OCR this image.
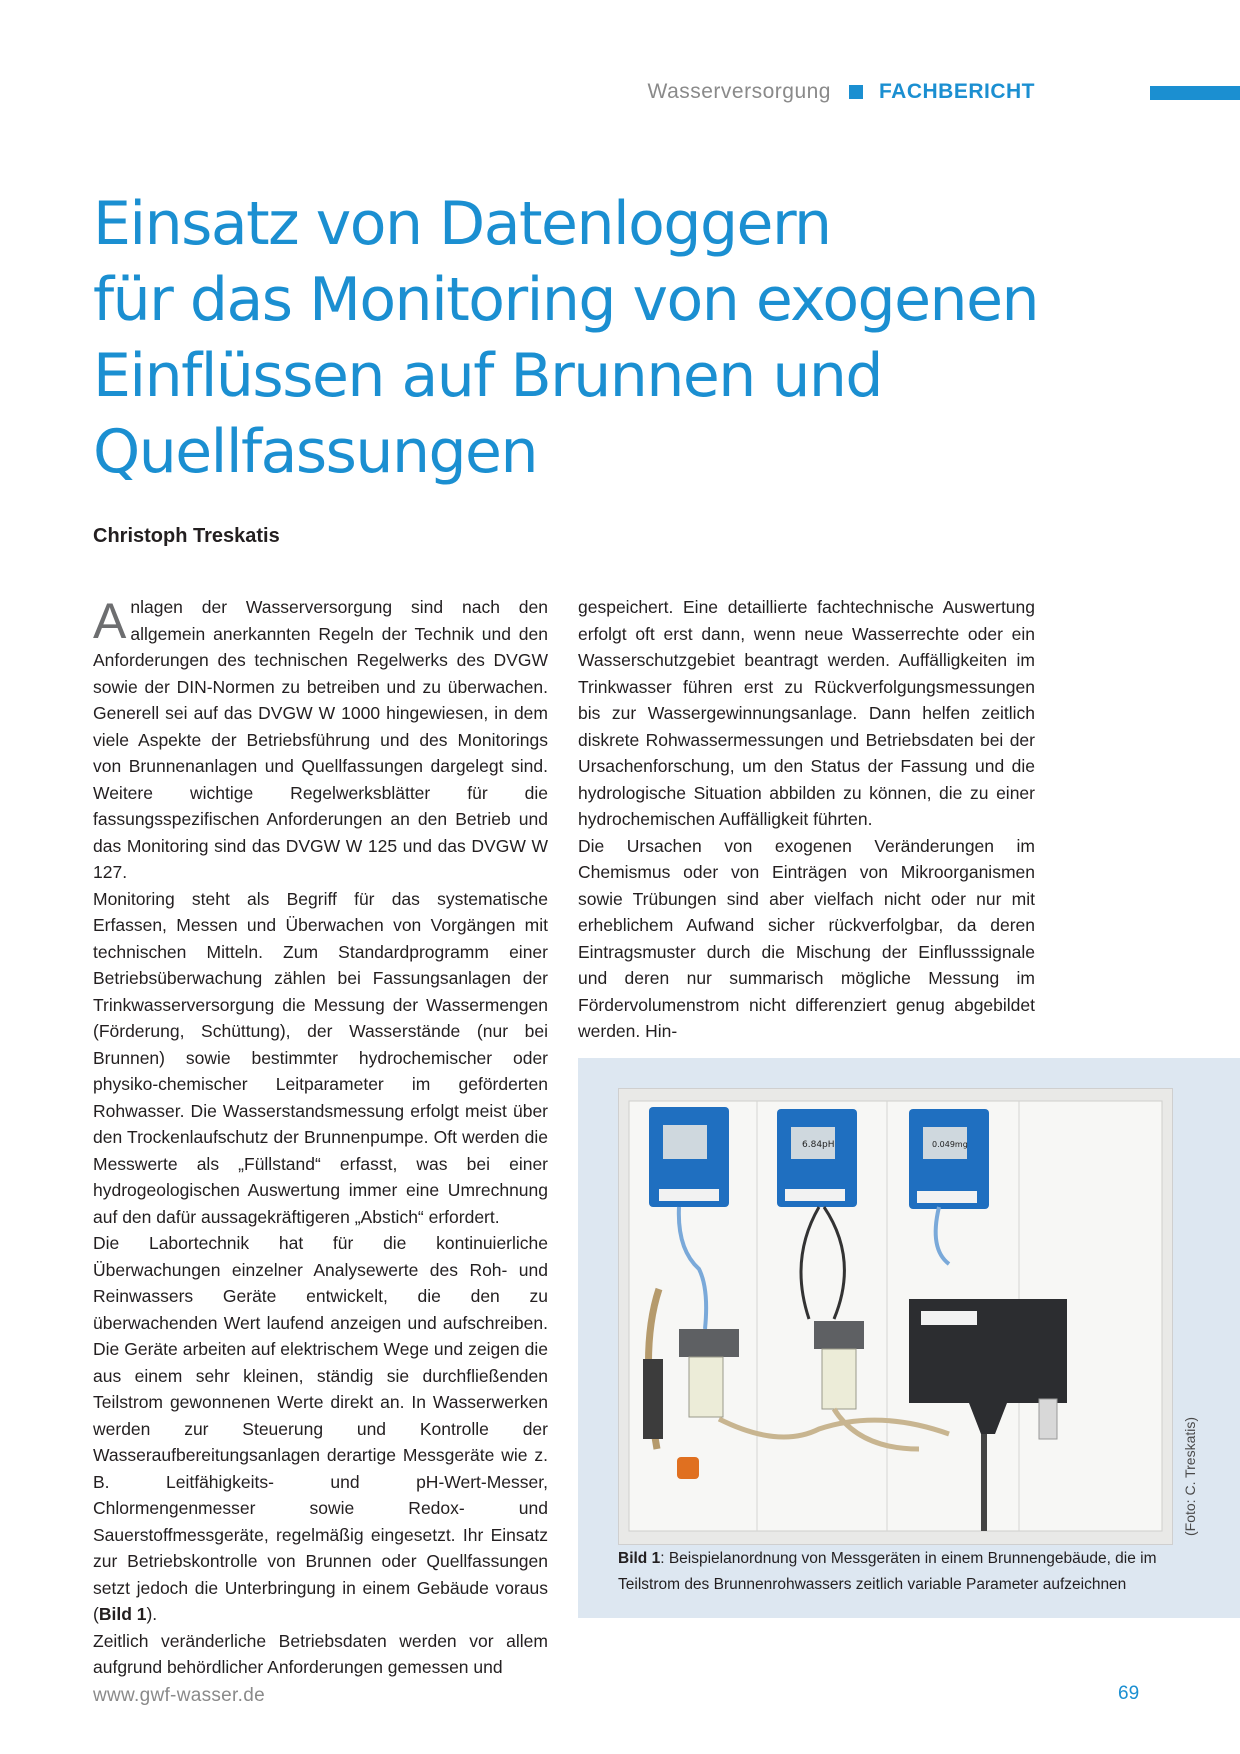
Wasserversorgung FACHBERICHT
Einsatz von Datenloggern
für das Monitoring von exogenen
Einflüssen auf Brunnen und
Quellfassungen
Christoph Treskatis

Anlagen der Wasserversorgung sind nach den allgemein anerkannten Regeln der Technik und den Anforderungen des technischen Regelwerks des DVGW sowie der DIN-Normen zu betreiben und zu überwachen. Generell sei auf das DVGW W 1000 hingewiesen, in dem viele Aspekte der Betriebsführung und des Monitorings von Brunnenanlagen und Quellfassungen dargelegt sind. Weitere wichtige Regelwerksblätter für die fassungsspezifischen Anforderungen an den Betrieb und das Monitoring sind das DVGW W 125 und das DVGW W 127.

Monitoring steht als Begriff für das systematische Erfassen, Messen und Überwachen von Vorgängen mit technischen Mitteln. Zum Standardprogramm einer Betriebsüberwachung zählen bei Fassungsanlagen der Trinkwasserversorgung die Messung der Wassermengen (Förderung, Schüttung), der Wasserstände (nur bei Brunnen) sowie bestimmter hydrochemischer oder physiko-chemischer Leitparameter im geförderten Rohwasser. Die Wasserstandsmessung erfolgt meist über den Trockenlaufschutz der Brunnenpumpe. Oft werden die Messwerte als „Füllstand“ erfasst, was bei einer hydrogeologischen Auswertung immer eine Umrechnung auf den dafür aussagekräftigeren „Abstich“ erfordert.

Die Labortechnik hat für die kontinuierliche Überwachungen einzelner Analysewerte des Roh- und Reinwassers Geräte entwickelt, die den zu überwachenden Wert laufend anzeigen und aufschreiben. Die Geräte arbeiten auf elektrischem Wege und zeigen die aus einem sehr kleinen, ständig sie durchfließenden Teilstrom gewonnenen Werte direkt an. In Wasserwerken werden zur Steuerung und Kontrolle der Wasseraufbereitungsanlagen derartige Messgeräte wie z. B. Leitfähigkeits- und pH-Wert-Messer, Chlormengenmesser sowie Redox- und Sauerstoffmessgeräte, regelmäßig eingesetzt. Ihr Einsatz zur Betriebskontrolle von Brunnen oder Quellfassungen setzt jedoch die Unterbringung in einem Gebäude voraus (Bild 1).

Zeitlich veränderliche Betriebsdaten werden vor allem aufgrund behördlicher Anforderungen gemessen und

gespeichert. Eine detaillierte fachtechnische Auswertung erfolgt oft erst dann, wenn neue Wasserrechte oder ein Wasserschutzgebiet beantragt werden. Auffälligkeiten im Trinkwasser führen erst zu Rückverfolgungsmessungen bis zur Wassergewinnungsanlage. Dann helfen zeitlich diskrete Rohwassermessungen und Betriebsdaten bei der Ursachenforschung, um den Status der Fassung und die hydrologische Situation abbilden zu können, die zu einer hydrochemischen Auffälligkeit führten.

Die Ursachen von exogenen Veränderungen im Chemismus oder von Einträgen von Mikroorganismen sowie Trübungen sind aber vielfach nicht oder nur mit erheblichem Aufwand sicher rückverfolgbar, da deren Eintragsmuster durch die Mischung der Einflusssignale und deren nur summarisch mögliche Messung im Fördervolumenstrom nicht differenziert genug abgebildet werden. Hin-

6.84pH	0.049mg
(Foto: C. Treskatis)
Bild 1: Beispielanordnung von Messgeräten in einem Brunnengebäude, die im Teilstrom des Brunnenrohwassers zeitlich variable Parameter aufzeichnen
www.gwf-wasser.de	69
